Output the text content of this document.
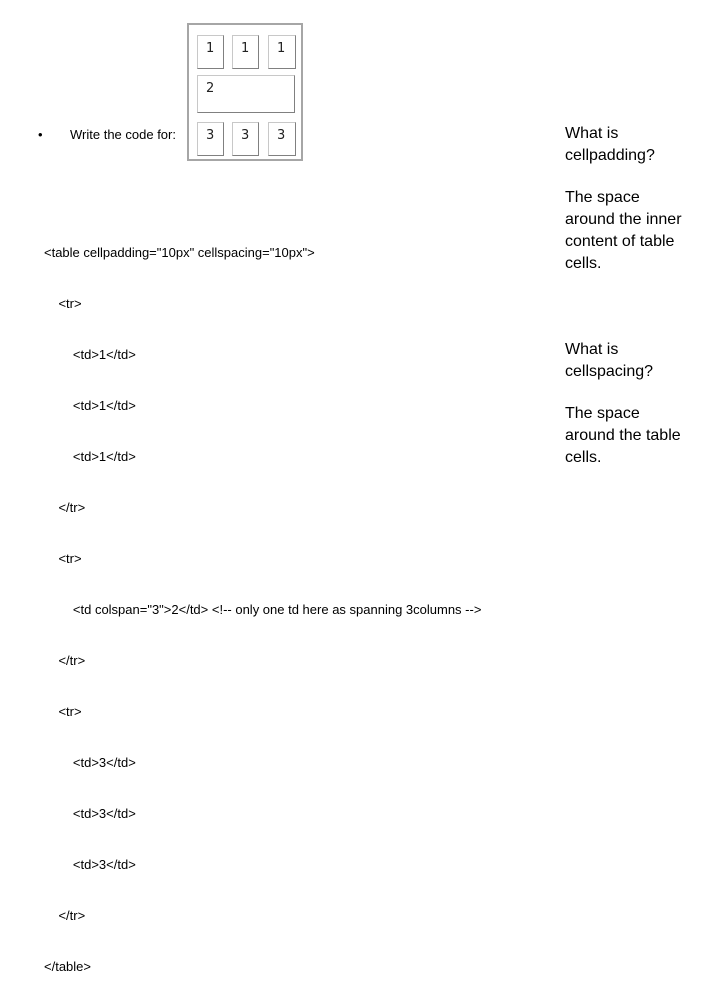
1	1	1
2
3	3	3
• Write the code for:

<table cellpadding="10px" cellspacing="10px">

<tr>

<td>1</td>

<td>1</td>

<td>1</td>

</tr>

<tr>

<td colspan="3">2</td> <!-- only one td here as spanning 3columns -->

</tr>

<tr>

<td>3</td>

<td>3</td>

<td>3</td>

</tr>

</table>

What is
cellpadding?
The space
around the inner
content of table
cells.
What is
cellspacing?
The space
around the table
cells.
